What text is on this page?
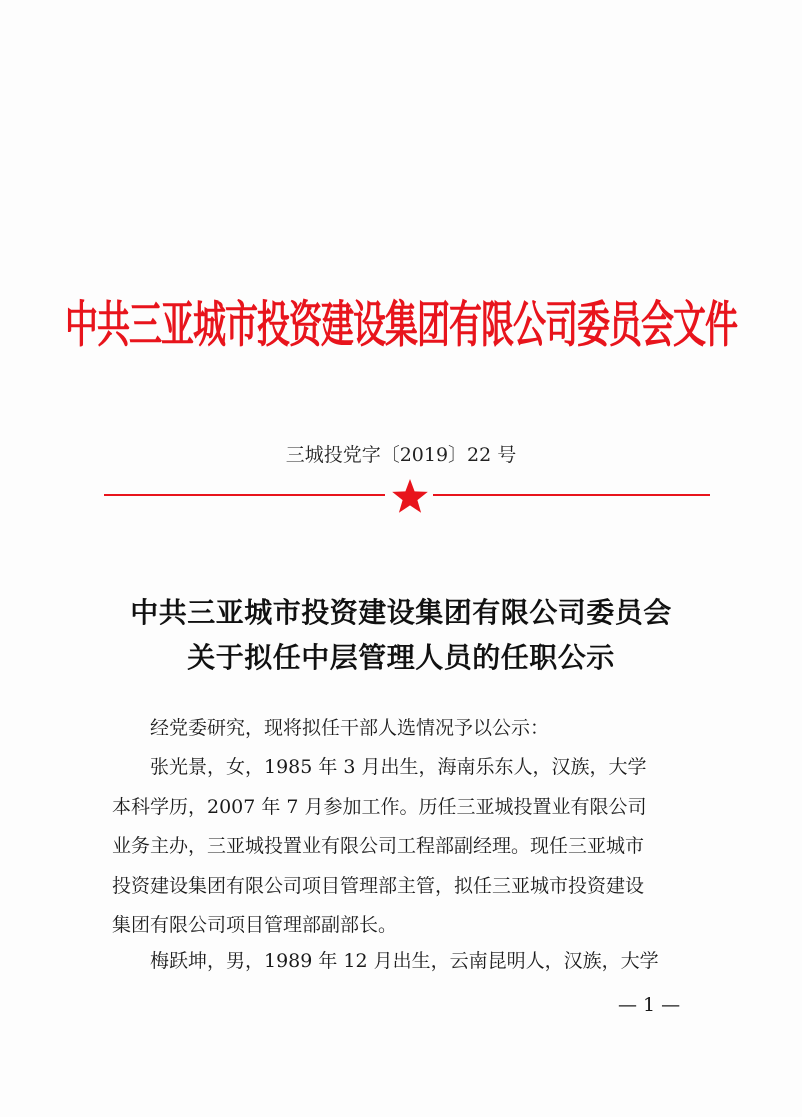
中共三亚城市投资建设集团有限公司委员会文件
三城投党字〔2019〕22 号
中共三亚城市投资建设集团有限公司委员会
关于拟任中层管理人员的任职公示
经党委研究，现将拟任干部人选情况予以公示：
张光景，女，1985 年 3 月出生，海南乐东人，汉族，大学
本科学历，2007 年 7 月参加工作。历任三亚城投置业有限公司
业务主办，三亚城投置业有限公司工程部副经理。现任三亚城市
投资建设集团有限公司项目管理部主管，拟任三亚城市投资建设
集团有限公司项目管理部副部长。
梅跃坤，男，1989 年 12 月出生，云南昆明人，汉族，大学
— 1 —
